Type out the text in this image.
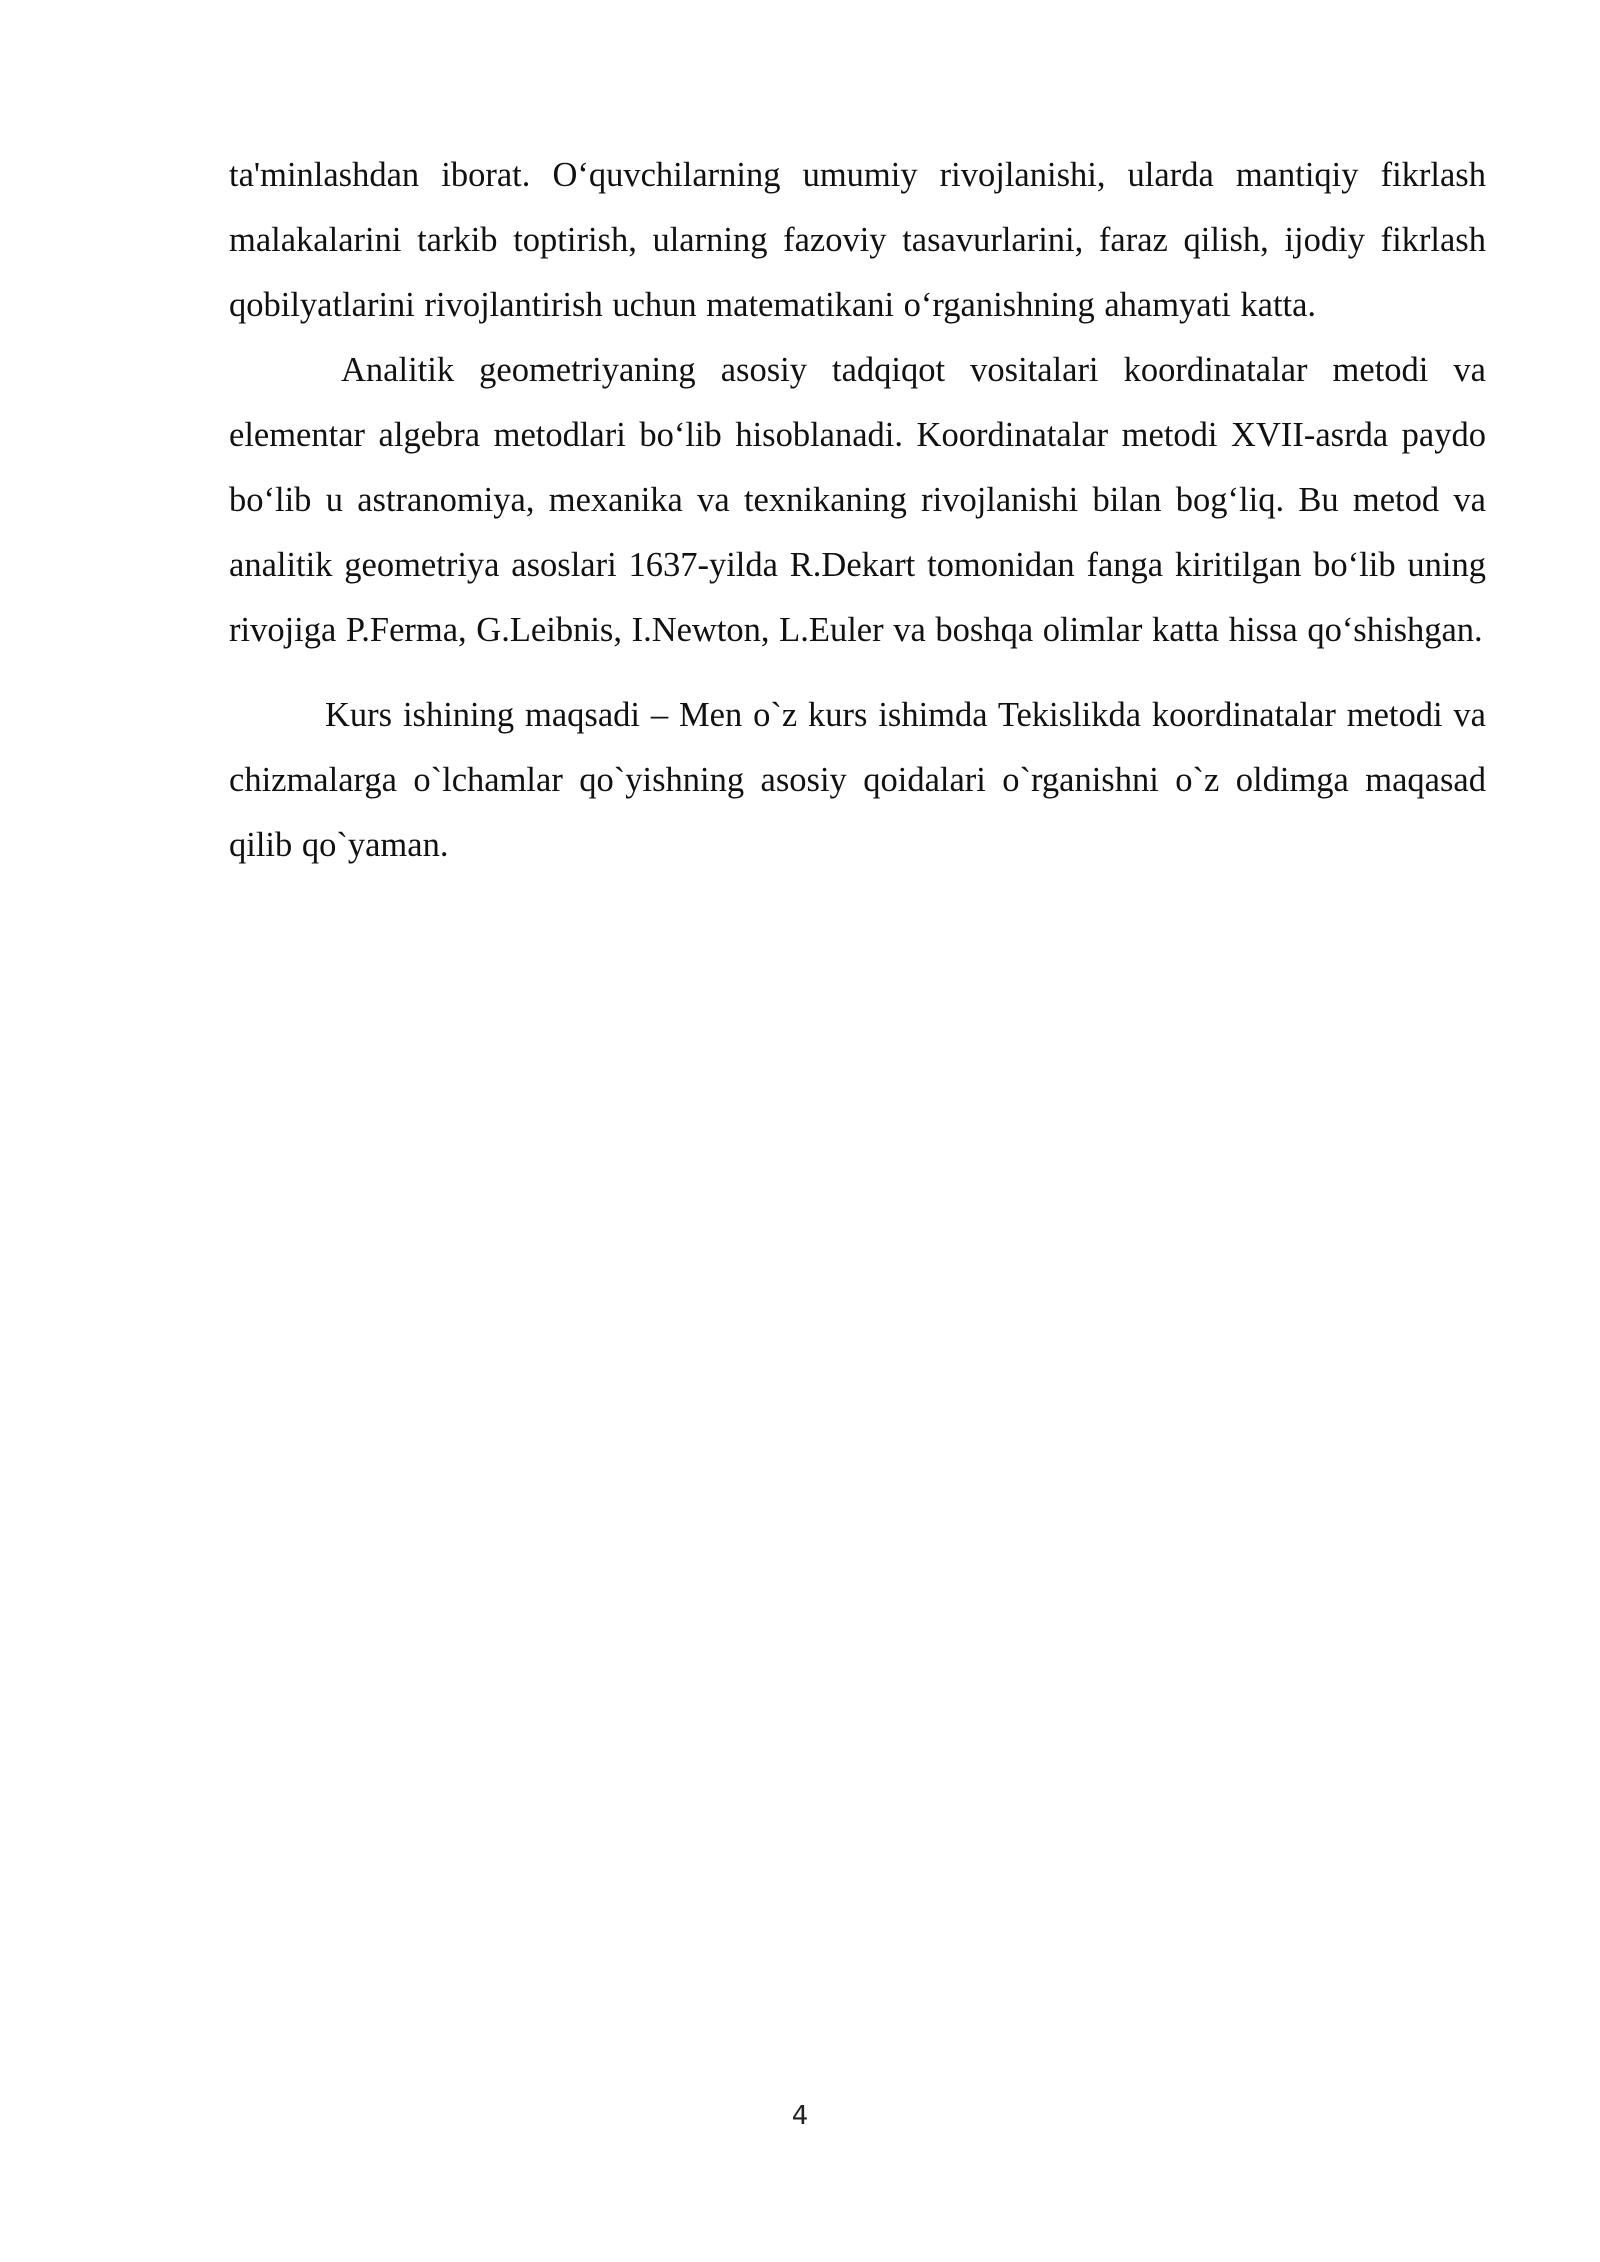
ta'minlashdan iborat. O‘quvchilarning umumiy rivojlanishi, ularda mantiqiy fikrlash malakalarini tarkib toptirish, ularning fazoviy tasavurlarini, faraz qilish, ijodiy fikrlash qobilyatlarini rivojlantirish uchun matematikani o‘rganishning ahamyati katta.

Analitik geometriyaning asosiy tadqiqot vositalari koordinatalar metodi va elementar algebra metodlari bo‘lib hisoblanadi. Koordinatalar metodi XVII-asrda paydo bo‘lib u astranomiya, mexanika va texnikaning rivojlanishi bilan bog‘liq. Bu metod va analitik geometriya asoslari 1637-yilda R.Dekart tomonidan fanga kiritilgan bo‘lib uning rivojiga P.Ferma, G.Leibnis, I.Newton, L.Euler va boshqa olimlar katta hissa qo‘shishgan.

Kurs ishining maqsadi – Men o`z kurs ishimda Tekislikda koordinatalar metodi va chizmalarga o`lchamlar qo`yishning asosiy qoidalari o`rganishni o`z oldimga maqasad qilib qo`yaman.

4
